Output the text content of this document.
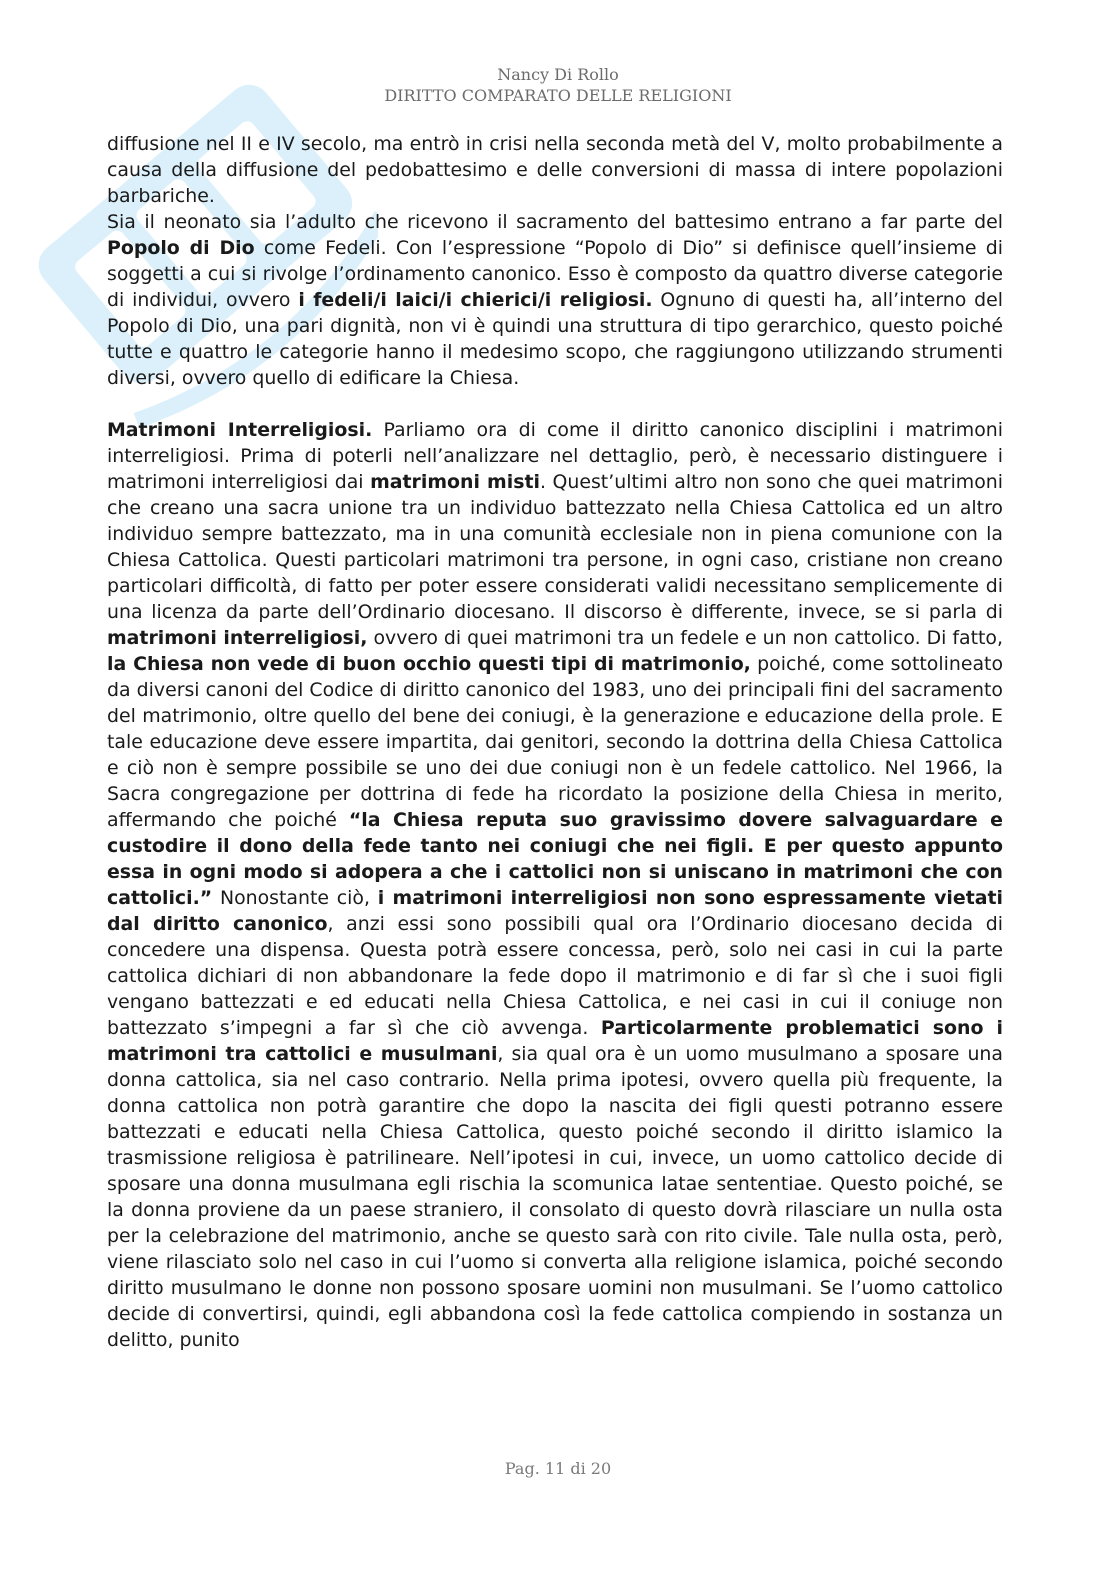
Nancy Di Rollo
DIRITTO COMPARATO DELLE RELIGIONI

diffusione nel II e IV secolo, ma entrò in crisi nella seconda metà del V, molto probabilmente a causa della diffusione del pedobattesimo e delle conversioni di massa di intere popolazioni barbariche.

Sia il neonato sia l’adulto che ricevono il sacramento del battesimo entrano a far parte del Popolo di Dio come Fedeli. Con l’espressione “Popolo di Dio” si definisce quell’insieme di soggetti a cui si rivolge l’ordinamento canonico. Esso è composto da quattro diverse categorie di individui, ovvero i fedeli/i laici/i chierici/i religiosi. Ognuno di questi ha, all’interno del Popolo di Dio, una pari dignità, non vi è quindi una struttura di tipo gerarchico, questo poiché tutte e quattro le categorie hanno il medesimo scopo, che raggiungono utilizzando strumenti diversi, ovvero quello di edificare la Chiesa.

Matrimoni Interreligiosi. Parliamo ora di come il diritto canonico disciplini i matrimoni interreligiosi. Prima di poterli nell’analizzare nel dettaglio, però, è necessario distinguere i matrimoni interreligiosi dai matrimoni misti. Quest’ultimi altro non sono che quei matrimoni che creano una sacra unione tra un individuo battezzato nella Chiesa Cattolica ed un altro individuo sempre battezzato, ma in una comunità ecclesiale non in piena comunione con la Chiesa Cattolica. Questi particolari matrimoni tra persone, in ogni caso, cristiane non creano particolari difficoltà, di fatto per poter essere considerati validi necessitano semplicemente di una licenza da parte dell’Ordinario diocesano. Il discorso è differente, invece, se si parla di matrimoni interreligiosi, ovvero di quei matrimoni tra un fedele e un non cattolico. Di fatto, la Chiesa non vede di buon occhio questi tipi di matrimonio, poiché, come sottolineato da diversi canoni del Codice di diritto canonico del 1983, uno dei principali fini del sacramento del matrimonio, oltre quello del bene dei coniugi, è la generazione e educazione della prole. E tale educazione deve essere impartita, dai genitori, secondo la dottrina della Chiesa Cattolica e ciò non è sempre possibile se uno dei due coniugi non è un fedele cattolico. Nel 1966, la Sacra congregazione per dottrina di fede ha ricordato la posizione della Chiesa in merito, affermando che poiché “la Chiesa reputa suo gravissimo dovere salvaguardare e custodire il dono della fede tanto nei coniugi che nei figli. E per questo appunto essa in ogni modo si adopera a che i cattolici non si uniscano in matrimoni che con cattolici.” Nonostante ciò, i matrimoni interreligiosi non sono espressamente vietati dal diritto canonico, anzi essi sono possibili qual ora l’Ordinario diocesano decida di concedere una dispensa. Questa potrà essere concessa, però, solo nei casi in cui la parte cattolica dichiari di non abbandonare la fede dopo il matrimonio e di far sì che i suoi figli vengano battezzati e ed educati nella Chiesa Cattolica, e nei casi in cui il coniuge non battezzato s’impegni a far sì che ciò avvenga. Particolarmente problematici sono i matrimoni tra cattolici e musulmani, sia qual ora è un uomo musulmano a sposare una donna cattolica, sia nel caso contrario. Nella prima ipotesi, ovvero quella più frequente, la donna cattolica non potrà garantire che dopo la nascita dei figli questi potranno essere battezzati e educati nella Chiesa Cattolica, questo poiché secondo il diritto islamico la trasmissione religiosa è patrilineare. Nell’ipotesi in cui, invece, un uomo cattolico decide di sposare una donna musulmana egli rischia la scomunica latae sententiae. Questo poiché, se la donna proviene da un paese straniero, il consolato di questo dovrà rilasciare un nulla osta per la celebrazione del matrimonio, anche se questo sarà con rito civile. Tale nulla osta, però, viene rilasciato solo nel caso in cui l’uomo si converta alla religione islamica, poiché secondo diritto musulmano le donne non possono sposare uomini non musulmani. Se l’uomo cattolico decide di convertirsi, quindi, egli abbandona così la fede cattolica compiendo in sostanza un delitto, punito

Pag. 11 di 20
